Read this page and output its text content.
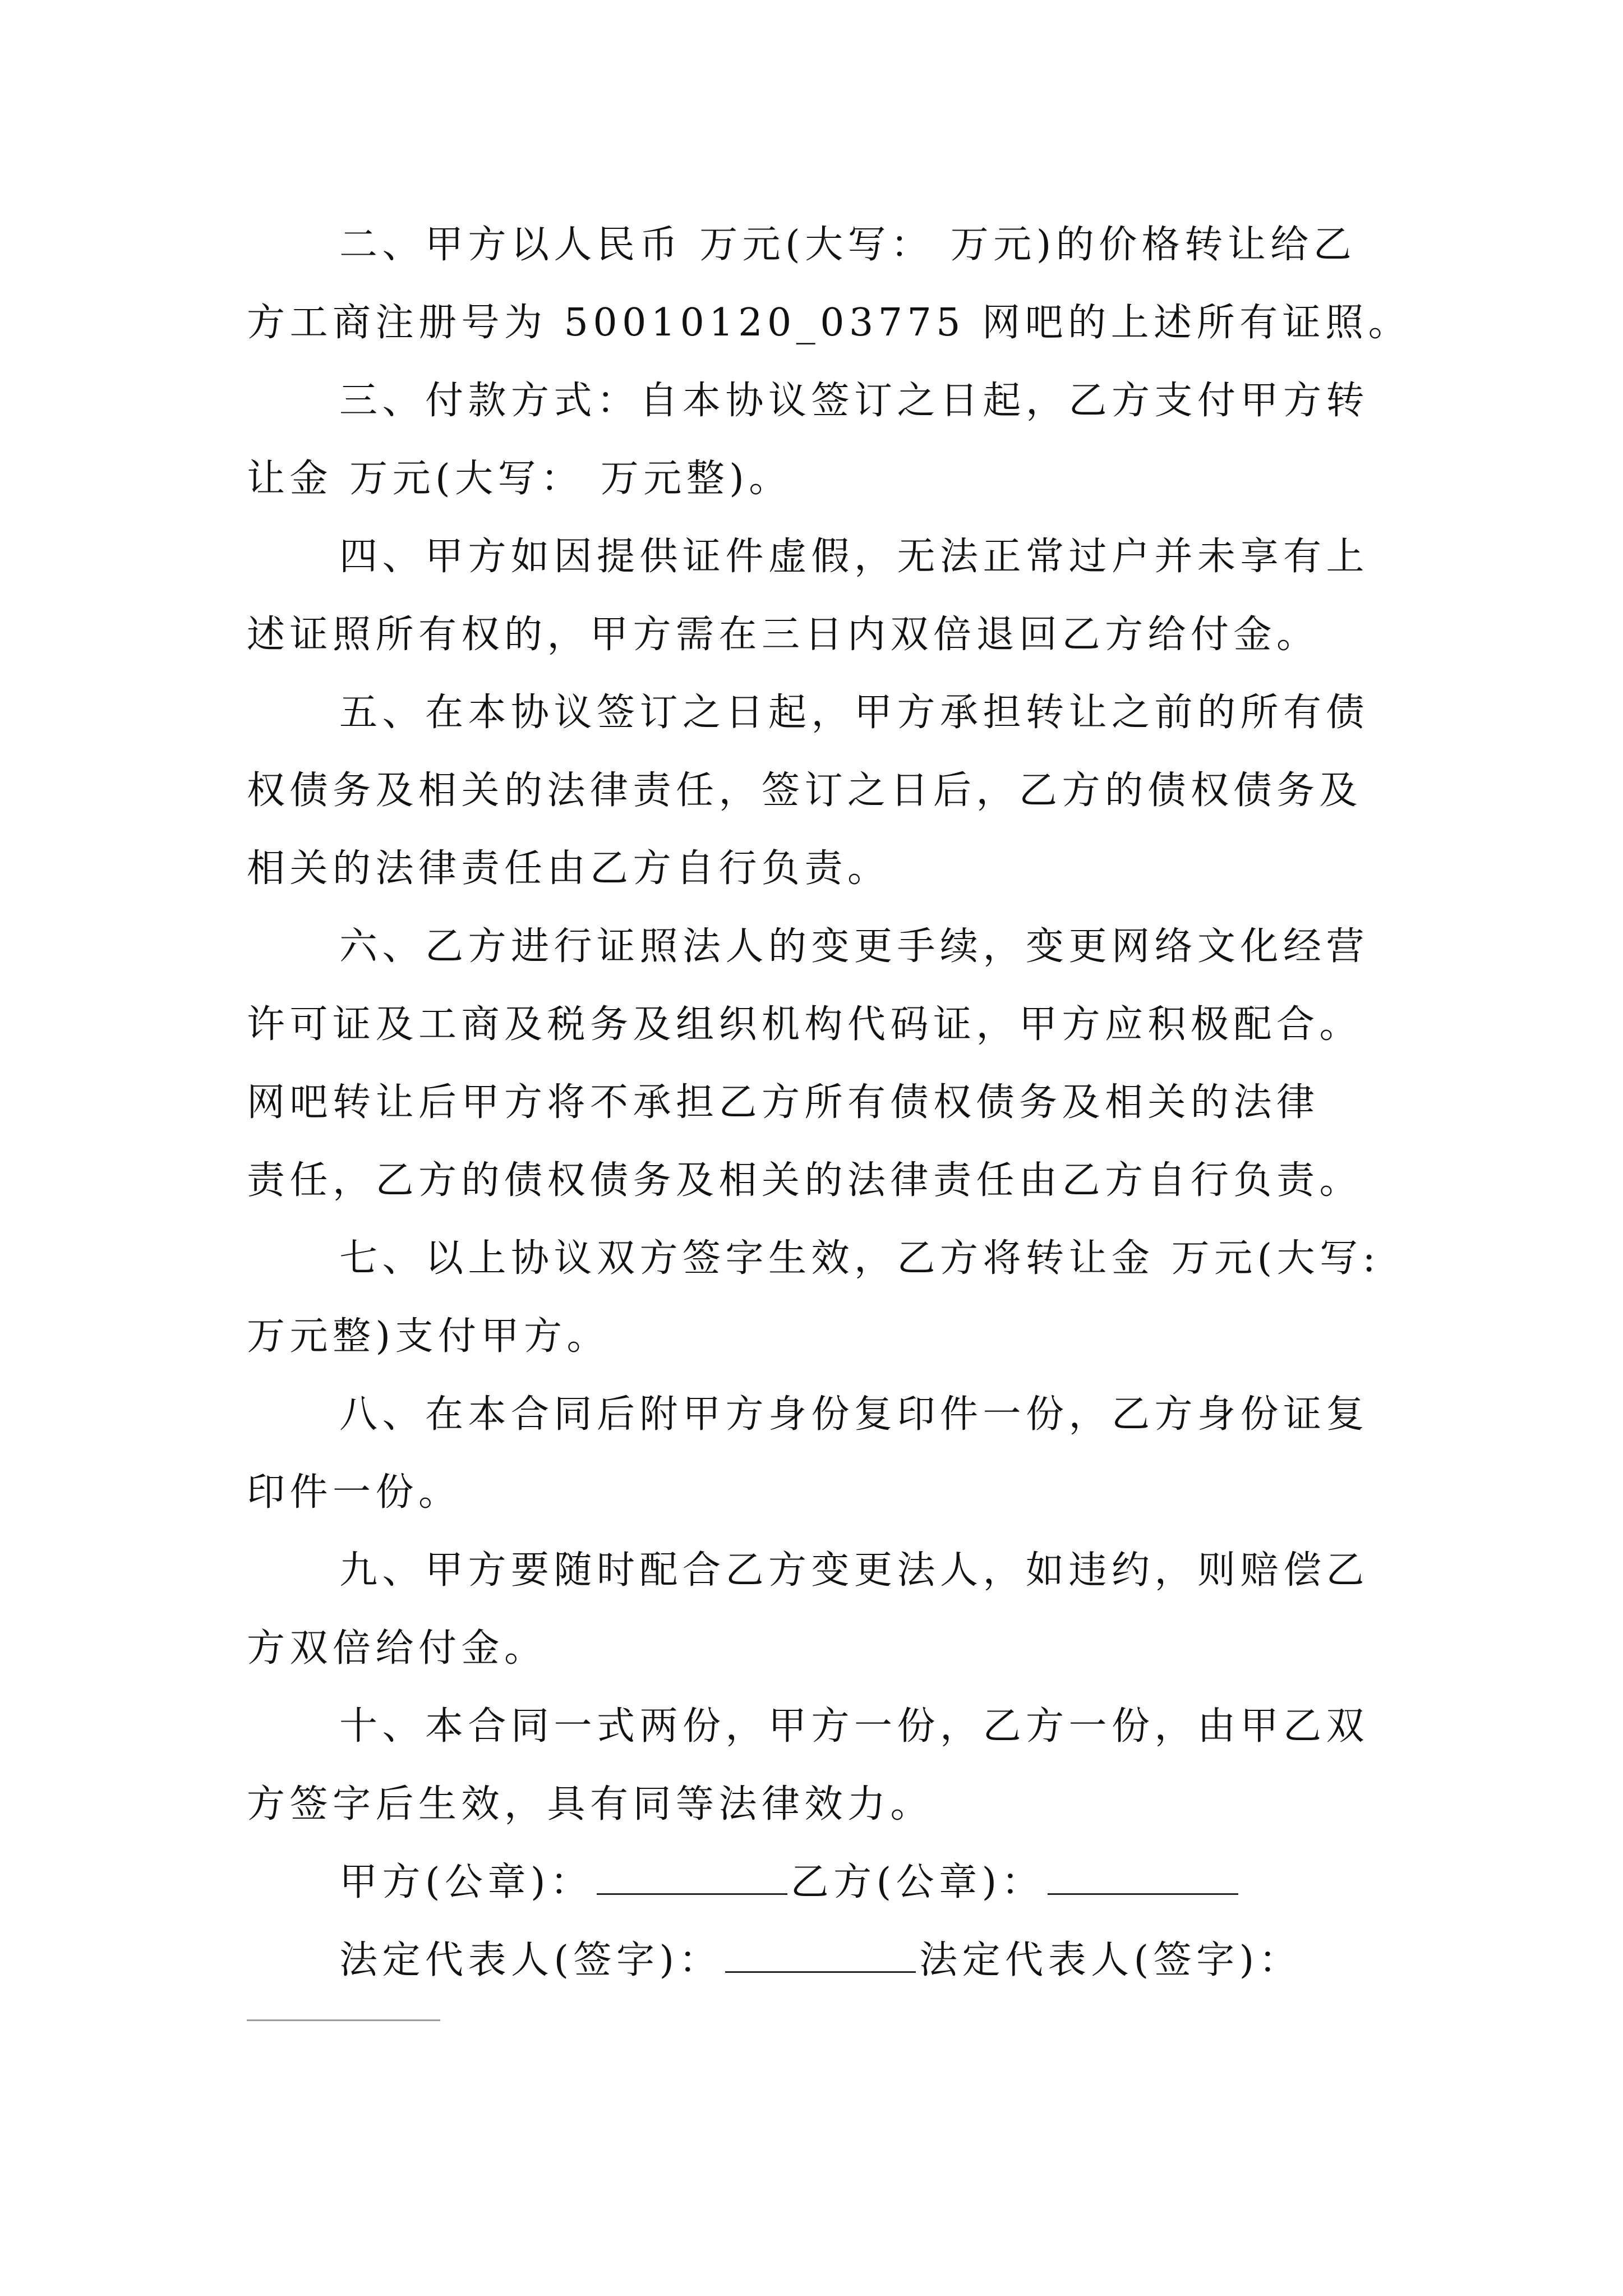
二、甲方以人民币 万元(大写： 万元)的价格转让给乙
方工商注册号为 50010120_03775 网吧的上述所有证照。
三、付款方式：自本协议签订之日起，乙方支付甲方转
让金 万元(大写： 万元整)。
四、甲方如因提供证件虚假，无法正常过户并未享有上
述证照所有权的，甲方需在三日内双倍退回乙方给付金。
五、在本协议签订之日起，甲方承担转让之前的所有债
权债务及相关的法律责任，签订之日后，乙方的债权债务及
相关的法律责任由乙方自行负责。
六、乙方进行证照法人的变更手续，变更网络文化经营
许可证及工商及税务及组织机构代码证，甲方应积极配合。
网吧转让后甲方将不承担乙方所有债权债务及相关的法律
责任，乙方的债权债务及相关的法律责任由乙方自行负责。
七、以上协议双方签字生效，乙方将转让金 万元(大写:
万元整)支付甲方。
八、在本合同后附甲方身份复印件一份，乙方身份证复
印件一份。
九、甲方要随时配合乙方变更法人，如违约，则赔偿乙
方双倍给付金。
十、本合同一式两份，甲方一份，乙方一份，由甲乙双
方签字后生效，具有同等法律效力。
甲方(公章)：	乙方(公章)：
法定代表人(签字)：	法定代表人(签字)：
